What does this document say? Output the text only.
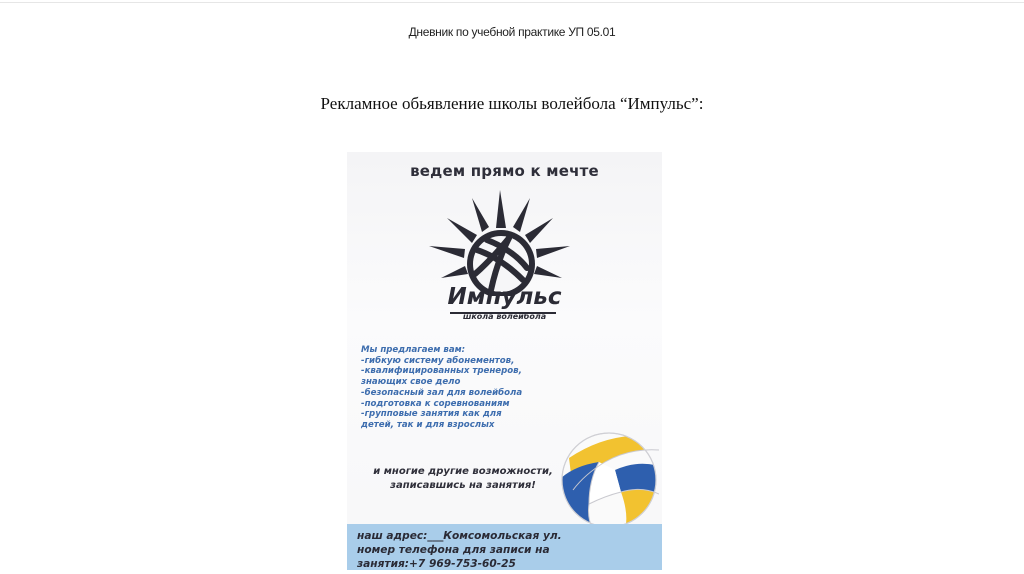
Дневник по учебной практике УП 05.01
Рекламное обьявление школы волейбола “Импульс”:
ведем прямо к мечте
Импульс
школа волейбола
Мы предлагаем вам:
-гибкую систему абонементов,
-квалифицированных тренеров,
знающих свое дело
-безопасный зал для волейбола
-подготовка к соревнованиям
-групповые занятия как для
детей, так и для взрослых
и многие другие возможности,
записавшись на занятия!
наш адрес:___Комсомольская ул.
номер телефона для записи на
занятия:+7 969-753-60-25
